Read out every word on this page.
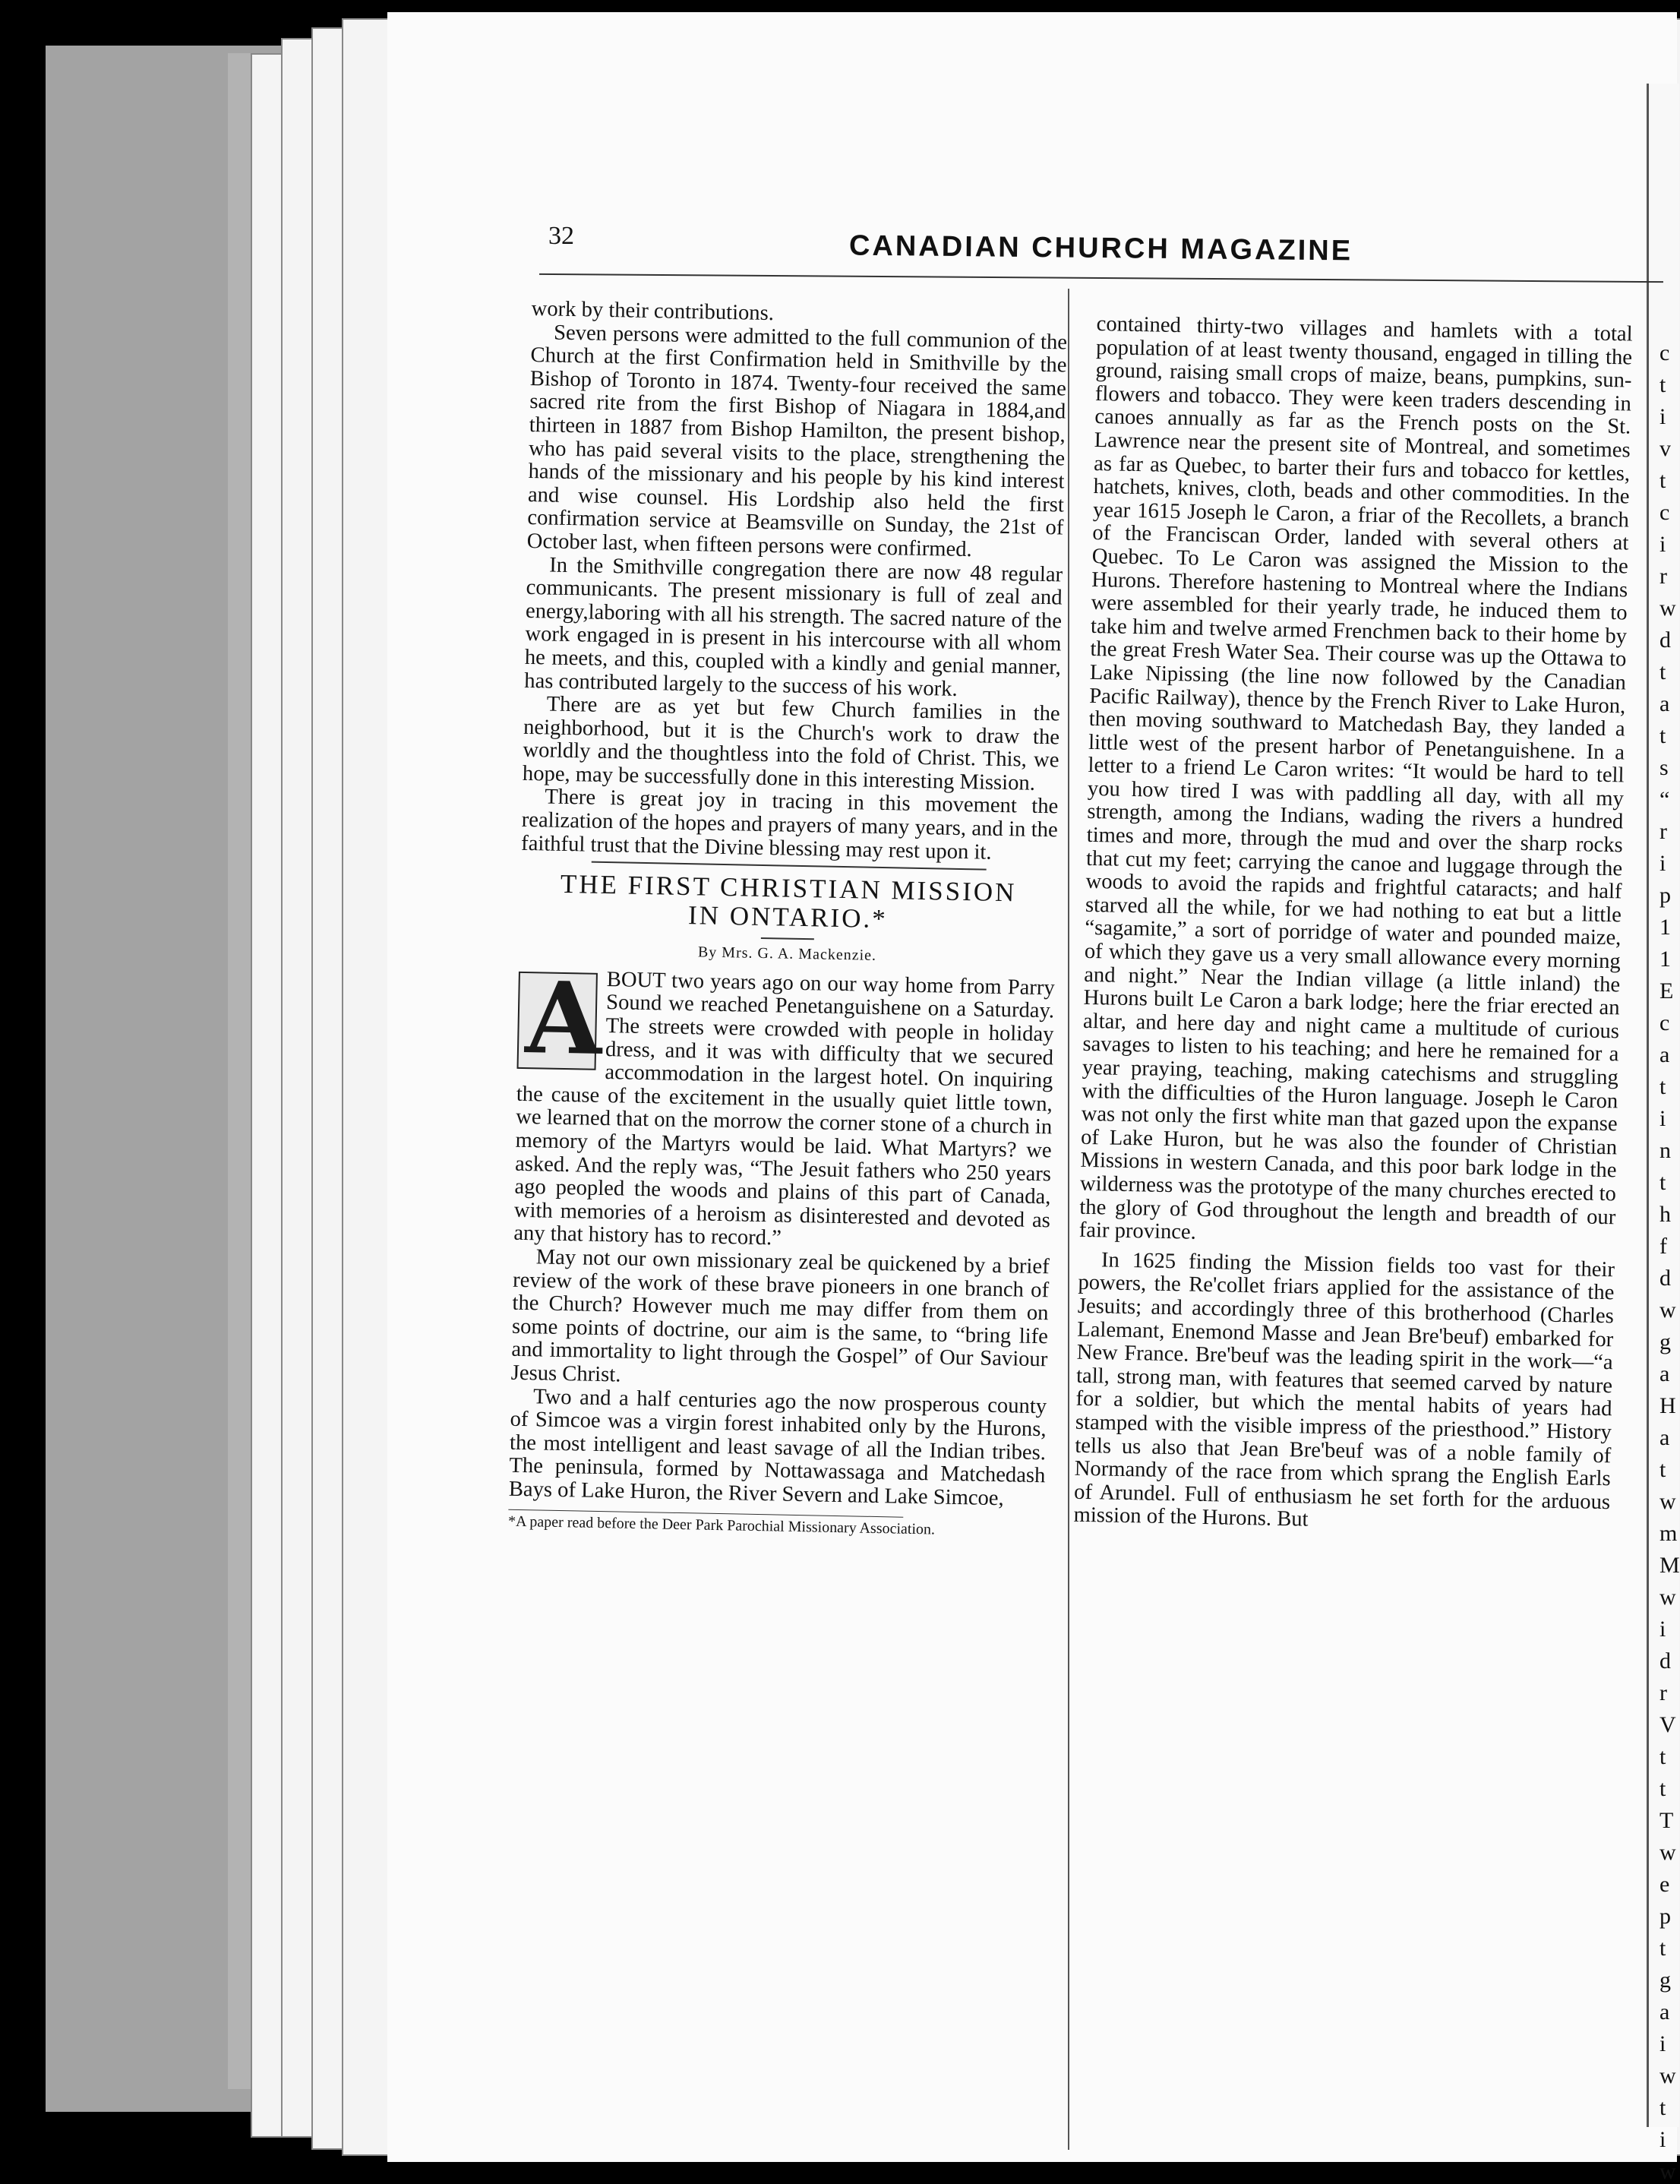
c
t
i
v
t
c
i
r
w
d
t
a
t
s
“
r
i
p
1
1
E
c
a
t
i
n
t
h
f
d
w
g
a
H
a
t
w
m
M
w
i
d
r
V
t
t
T
w
e
p
t
g
a
i
w
t
i
w
32	CANADIAN CHURCH MAGAZINE

work by their contributions.

Seven persons were admitted to the full communion of the Church at the first Confirmation held in Smithville by the Bishop of Toronto in 1874. Twenty-four received the same sacred rite from the first Bishop of Niagara in 1884,and thirteen in 1887 from Bishop Hamilton, the present bishop, who has paid several visits to the place, strengthening the hands of the missionary and his people by his kind interest and wise counsel. His Lordship also held the first confirmation service at Beamsville on Sunday, the 21st of October last, when fifteen persons were confirmed.

In the Smithville congregation there are now 48 regular communicants. The present missionary is full of zeal and energy,laboring with all his strength. The sacred nature of the work engaged in is present in his intercourse with all whom he meets, and this, coupled with a kindly and genial manner, has contributed largely to the success of his work.

There are as yet but few Church families in the neighborhood, but it is the Church's work to draw the worldly and the thoughtless into the fold of Christ. This, we hope, may be successfully done in this interesting Mission.

There is great joy in tracing in this movement the realization of the hopes and prayers of many years, and in the faithful trust that the Divine blessing may rest upon it.

THE FIRST CHRISTIAN MISSION
IN ONTARIO.*
By Mrs. G. A. Mackenzie.

A BOUT two years ago on our way home from Parry Sound we reached Penetanguishene on a Saturday. The streets were crowded with people in holiday dress, and it was with difficulty that we secured accommodation in the largest hotel. On inquiring the cause of the excitement in the usually quiet little town, we learned that on the morrow the corner stone of a church in memory of the Martyrs would be laid. What Martyrs? we asked. And the reply was, “The Jesuit fathers who 250 years ago peopled the woods and plains of this part of Canada, with memories of a heroism as disinterested and devoted as any that history has to record.”

May not our own missionary zeal be quickened by a brief review of the work of these brave pioneers in one branch of the Church? However much me may differ from them on some points of doctrine, our aim is the same, to “bring life and immortality to light through the Gospel” of Our Saviour Jesus Christ.

Two and a half centuries ago the now prosperous county of Simcoe was a virgin forest inhabited only by the Hurons, the most intelligent and least savage of all the Indian tribes. The peninsula, formed by Nottawassaga and Matchedash Bays of Lake Huron, the River Severn and Lake Simcoe,

*A paper read before the Deer Park Parochial Missionary Association.

contained thirty-two villages and hamlets with a total population of at least twenty thousand, engaged in tilling the ground, raising small crops of maize, beans, pumpkins, sun-flowers and tobacco. They were keen traders descending in canoes annually as far as the French posts on the St. Lawrence near the present site of Montreal, and sometimes as far as Quebec, to barter their furs and tobacco for kettles, hatchets, knives, cloth, beads and other commodities. In the year 1615 Joseph le Caron, a friar of the Recollets, a branch of the Franciscan Order, landed with several others at Quebec. To Le Caron was assigned the Mission to the Hurons. Therefore hastening to Montreal where the Indians were assembled for their yearly trade, he induced them to take him and twelve armed Frenchmen back to their home by the great Fresh Water Sea. Their course was up the Ottawa to Lake Nipissing (the line now followed by the Canadian Pacific Railway), thence by the French River to Lake Huron, then moving southward to Matchedash Bay, they landed a little west of the present harbor of Penetanguishene. In a letter to a friend Le Caron writes: “It would be hard to tell you how tired I was with paddling all day, with all my strength, among the Indians, wading the rivers a hundred times and more, through the mud and over the sharp rocks that cut my feet; carrying the canoe and luggage through the woods to avoid the rapids and frightful cataracts; and half starved all the while, for we had nothing to eat but a little “sagamite,” a sort of porridge of water and pounded maize, of which they gave us a very small allowance every morning and night.” Near the Indian village (a little inland) the Hurons built Le Caron a bark lodge; here the friar erected an altar, and here day and night came a multitude of curious savages to listen to his teaching; and here he remained for a year praying, teaching, making catechisms and struggling with the difficulties of the Huron language. Joseph le Caron was not only the first white man that gazed upon the expanse of Lake Huron, but he was also the founder of Christian Missions in western Canada, and this poor bark lodge in the wilderness was the prototype of the many churches erected to the glory of God throughout the length and breadth of our fair province.

In 1625 finding the Mission fields too vast for their powers, the Re'collet friars applied for the assistance of the Jesuits; and accordingly three of this brotherhood (Charles Lalemant, Enemond Masse and Jean Bre'beuf) embarked for New France. Bre'beuf was the leading spirit in the work—“a tall, strong man, with features that seemed carved by nature for a soldier, but which the mental habits of years had stamped with the visible impress of the priesthood.” History tells us also that Jean Bre'beuf was of a noble family of Normandy of the race from which sprang the English Earls of Arundel. Full of enthusiasm he set forth for the arduous mission of the Hurons. But
